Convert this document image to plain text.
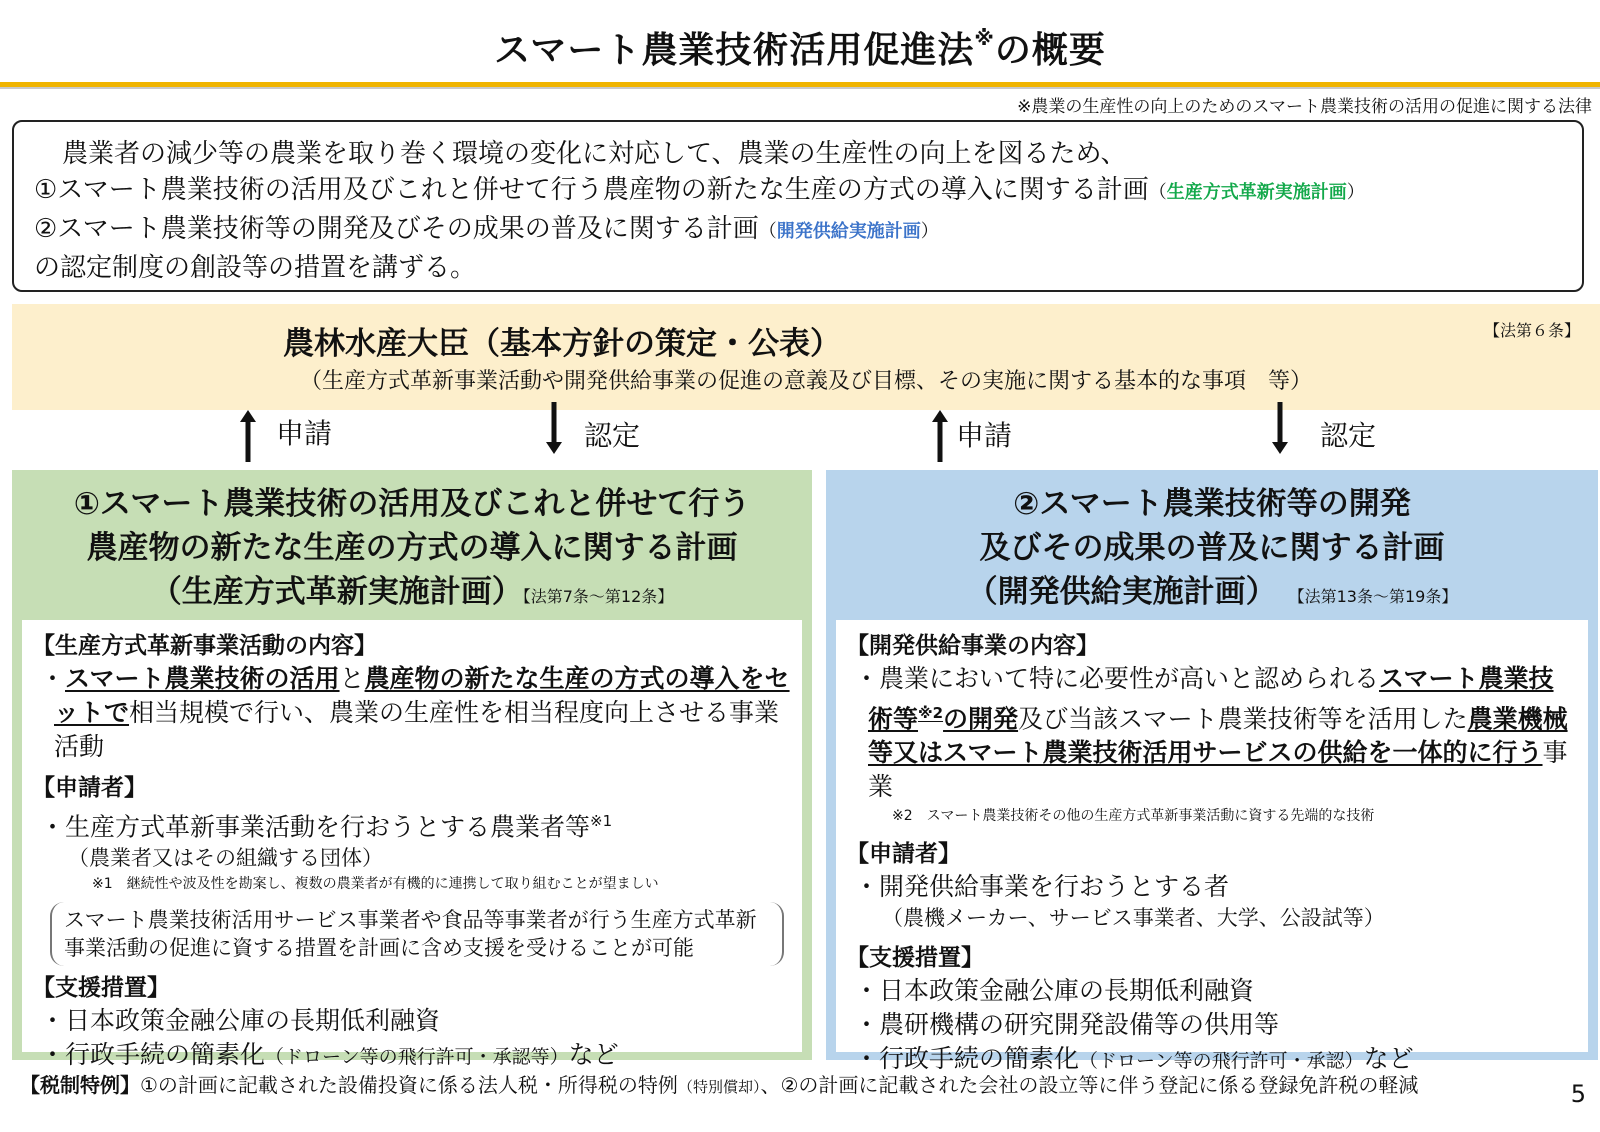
スマート農業技術活用促進法※の概要
※農業の生産性の向上のためのスマート農業技術の活用の促進に関する法律
農業者の減少等の農業を取り巻く環境の変化に対応して、農業の生産性の向上を図るため、
①スマート農業技術の活用及びこれと併せて行う農産物の新たな生産の方式の導入に関する計画（生産方式革新実施計画）
②スマート農業技術等の開発及びその成果の普及に関する計画（開発供給実施計画）
の認定制度の創設等の措置を講ずる。
農林水産大臣（基本方針の策定・公表）	【法第６条】
（生産方式革新事業活動や開発供給事業の促進の意義及び目標、その実施に関する基本的な事項　等）
申請	認定	申請	認定
①スマート農業技術の活用及びこれと併せて行う
農産物の新たな生産の方式の導入に関する計画
（生産方式革新実施計画）【法第7条～第12条】
【生産方式革新事業活動の内容】
・スマート農業技術の活用と農産物の新たな生産の方式の導入をセットで相当規模で行い、農業の生産性を相当程度向上させる事業活動
【申請者】
・生産方式革新事業活動を行おうとする農業者等$^{※1}$
（農業者又はその組織する団体）
※1　継続性や波及性を勘案し、複数の農業者が有機的に連携して取り組むことが望ましい
スマート農業技術活用サービス事業者や食品等事業者が行う生産方式革新事業活動の促進に資する措置を計画に含め支援を受けることが可能
【支援措置】
・日本政策金融公庫の長期低利融資
・行政手続の簡素化（ドローン等の飛行許可・承認等）など
②スマート農業技術等の開発
及びその成果の普及に関する計画
（開発供給実施計画） 【法第13条～第19条】
【開発供給事業の内容】
・農業において特に必要性が高いと認められるスマート農業技術等$^{※2}$の開発及び当該スマート農業技術等を活用した農業機械等又はスマート農業技術活用サービスの供給を一体的に行う事業
※2　スマート農業技術その他の生産方式革新事業活動に資する先端的な技術
【申請者】
・開発供給事業を行おうとする者
（農機メーカー、サービス事業者、大学、公設試等）
【支援措置】
・日本政策金融公庫の長期低利融資
・農研機構の研究開発設備等の供用等
・行政手続の簡素化（ドローン等の飛行許可・承認）など
【税制特例】①の計画に記載された設備投資に係る法人税・所得税の特例（特別償却）、②の計画に記載された会社の設立等に伴う登記に係る登録免許税の軽減	5
